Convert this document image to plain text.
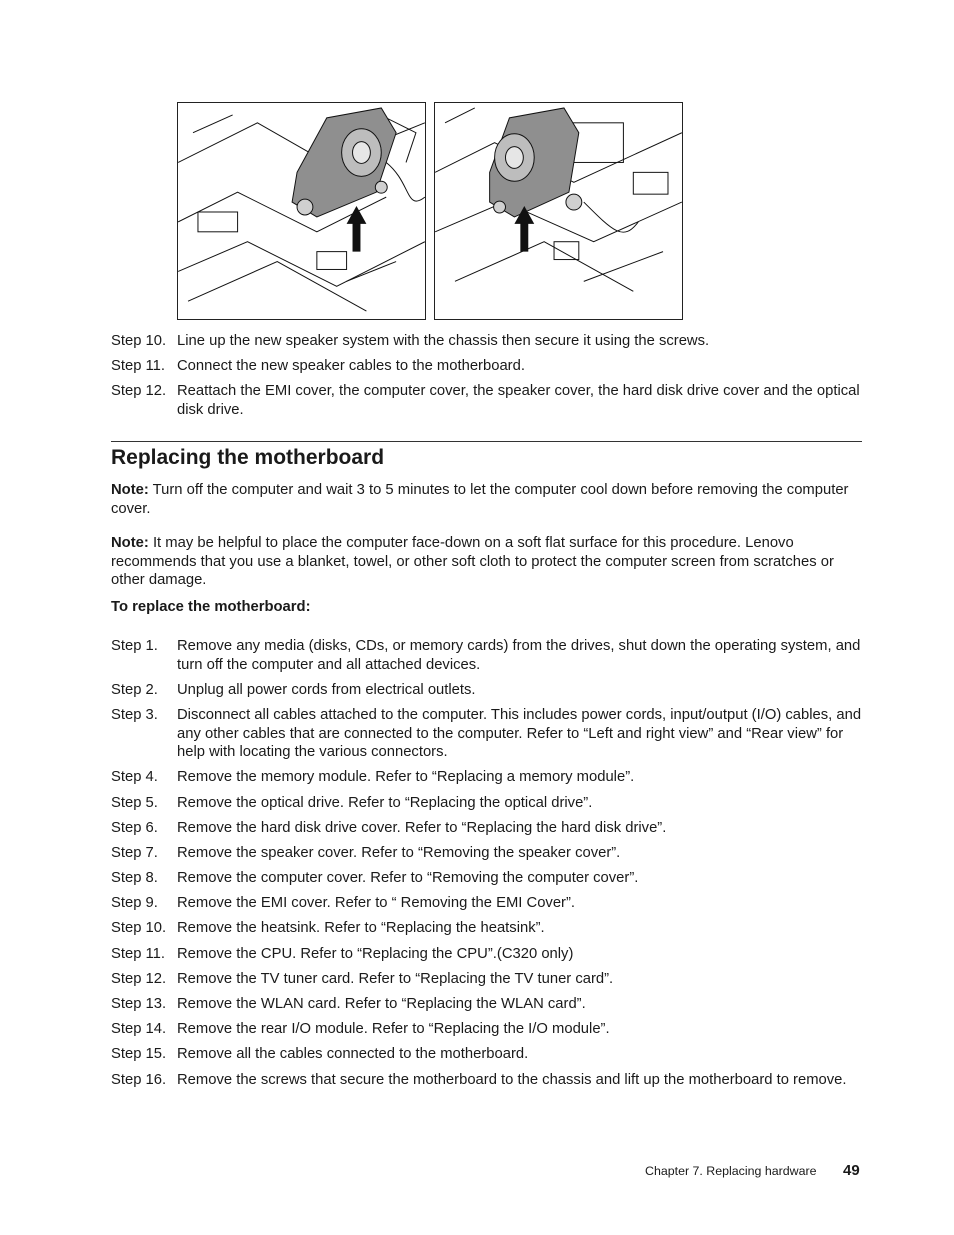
Step 10. Line up the new speaker system with the chassis then secure it using the screws.
Step 11. Connect the new speaker cables to the motherboard.
Step 12. Reattach the EMI cover, the computer cover, the speaker cover, the hard disk drive cover and the optical disk drive.
Replacing the motherboard

Note: Turn off the computer and wait 3 to 5 minutes to let the computer cool down before removing the computer cover.

Note: It may be helpful to place the computer face-down on a soft flat surface for this procedure. Lenovo recommends that you use a blanket, towel, or other soft cloth to protect the computer screen from scratches or other damage.

To replace the motherboard:

Step 1. Remove any media (disks, CDs, or memory cards) from the drives, shut down the operating system, and turn off the computer and all attached devices.
Step 2. Unplug all power cords from electrical outlets.
Step 3. Disconnect all cables attached to the computer. This includes power cords, input/output (I/O) cables, and any other cables that are connected to the computer. Refer to “Left and right view” and “Rear view” for help with locating the various connectors.
Step 4. Remove the memory module. Refer to “Replacing a memory module”.
Step 5. Remove the optical drive. Refer to “Replacing the optical drive”.
Step 6. Remove the hard disk drive cover. Refer to “Replacing the hard disk drive”.
Step 7. Remove the speaker cover. Refer to “Removing the speaker cover”.
Step 8. Remove the computer cover. Refer to “Removing the computer cover”.
Step 9. Remove the EMI cover. Refer to “ Removing the EMI Cover”.
Step 10. Remove the heatsink. Refer to “Replacing the heatsink”.
Step 11. Remove the CPU. Refer to “Replacing the CPU”.(C320 only)
Step 12. Remove the TV tuner card. Refer to “Replacing the TV tuner card”.
Step 13. Remove the WLAN card. Refer to “Replacing the WLAN card”.
Step 14. Remove the rear I/O module. Refer to “Replacing the I/O module”.
Step 15. Remove all the cables connected to the motherboard.
Step 16. Remove the screws that secure the motherboard to the chassis and lift up the motherboard to remove.
Chapter 7. Replacing hardware 49
